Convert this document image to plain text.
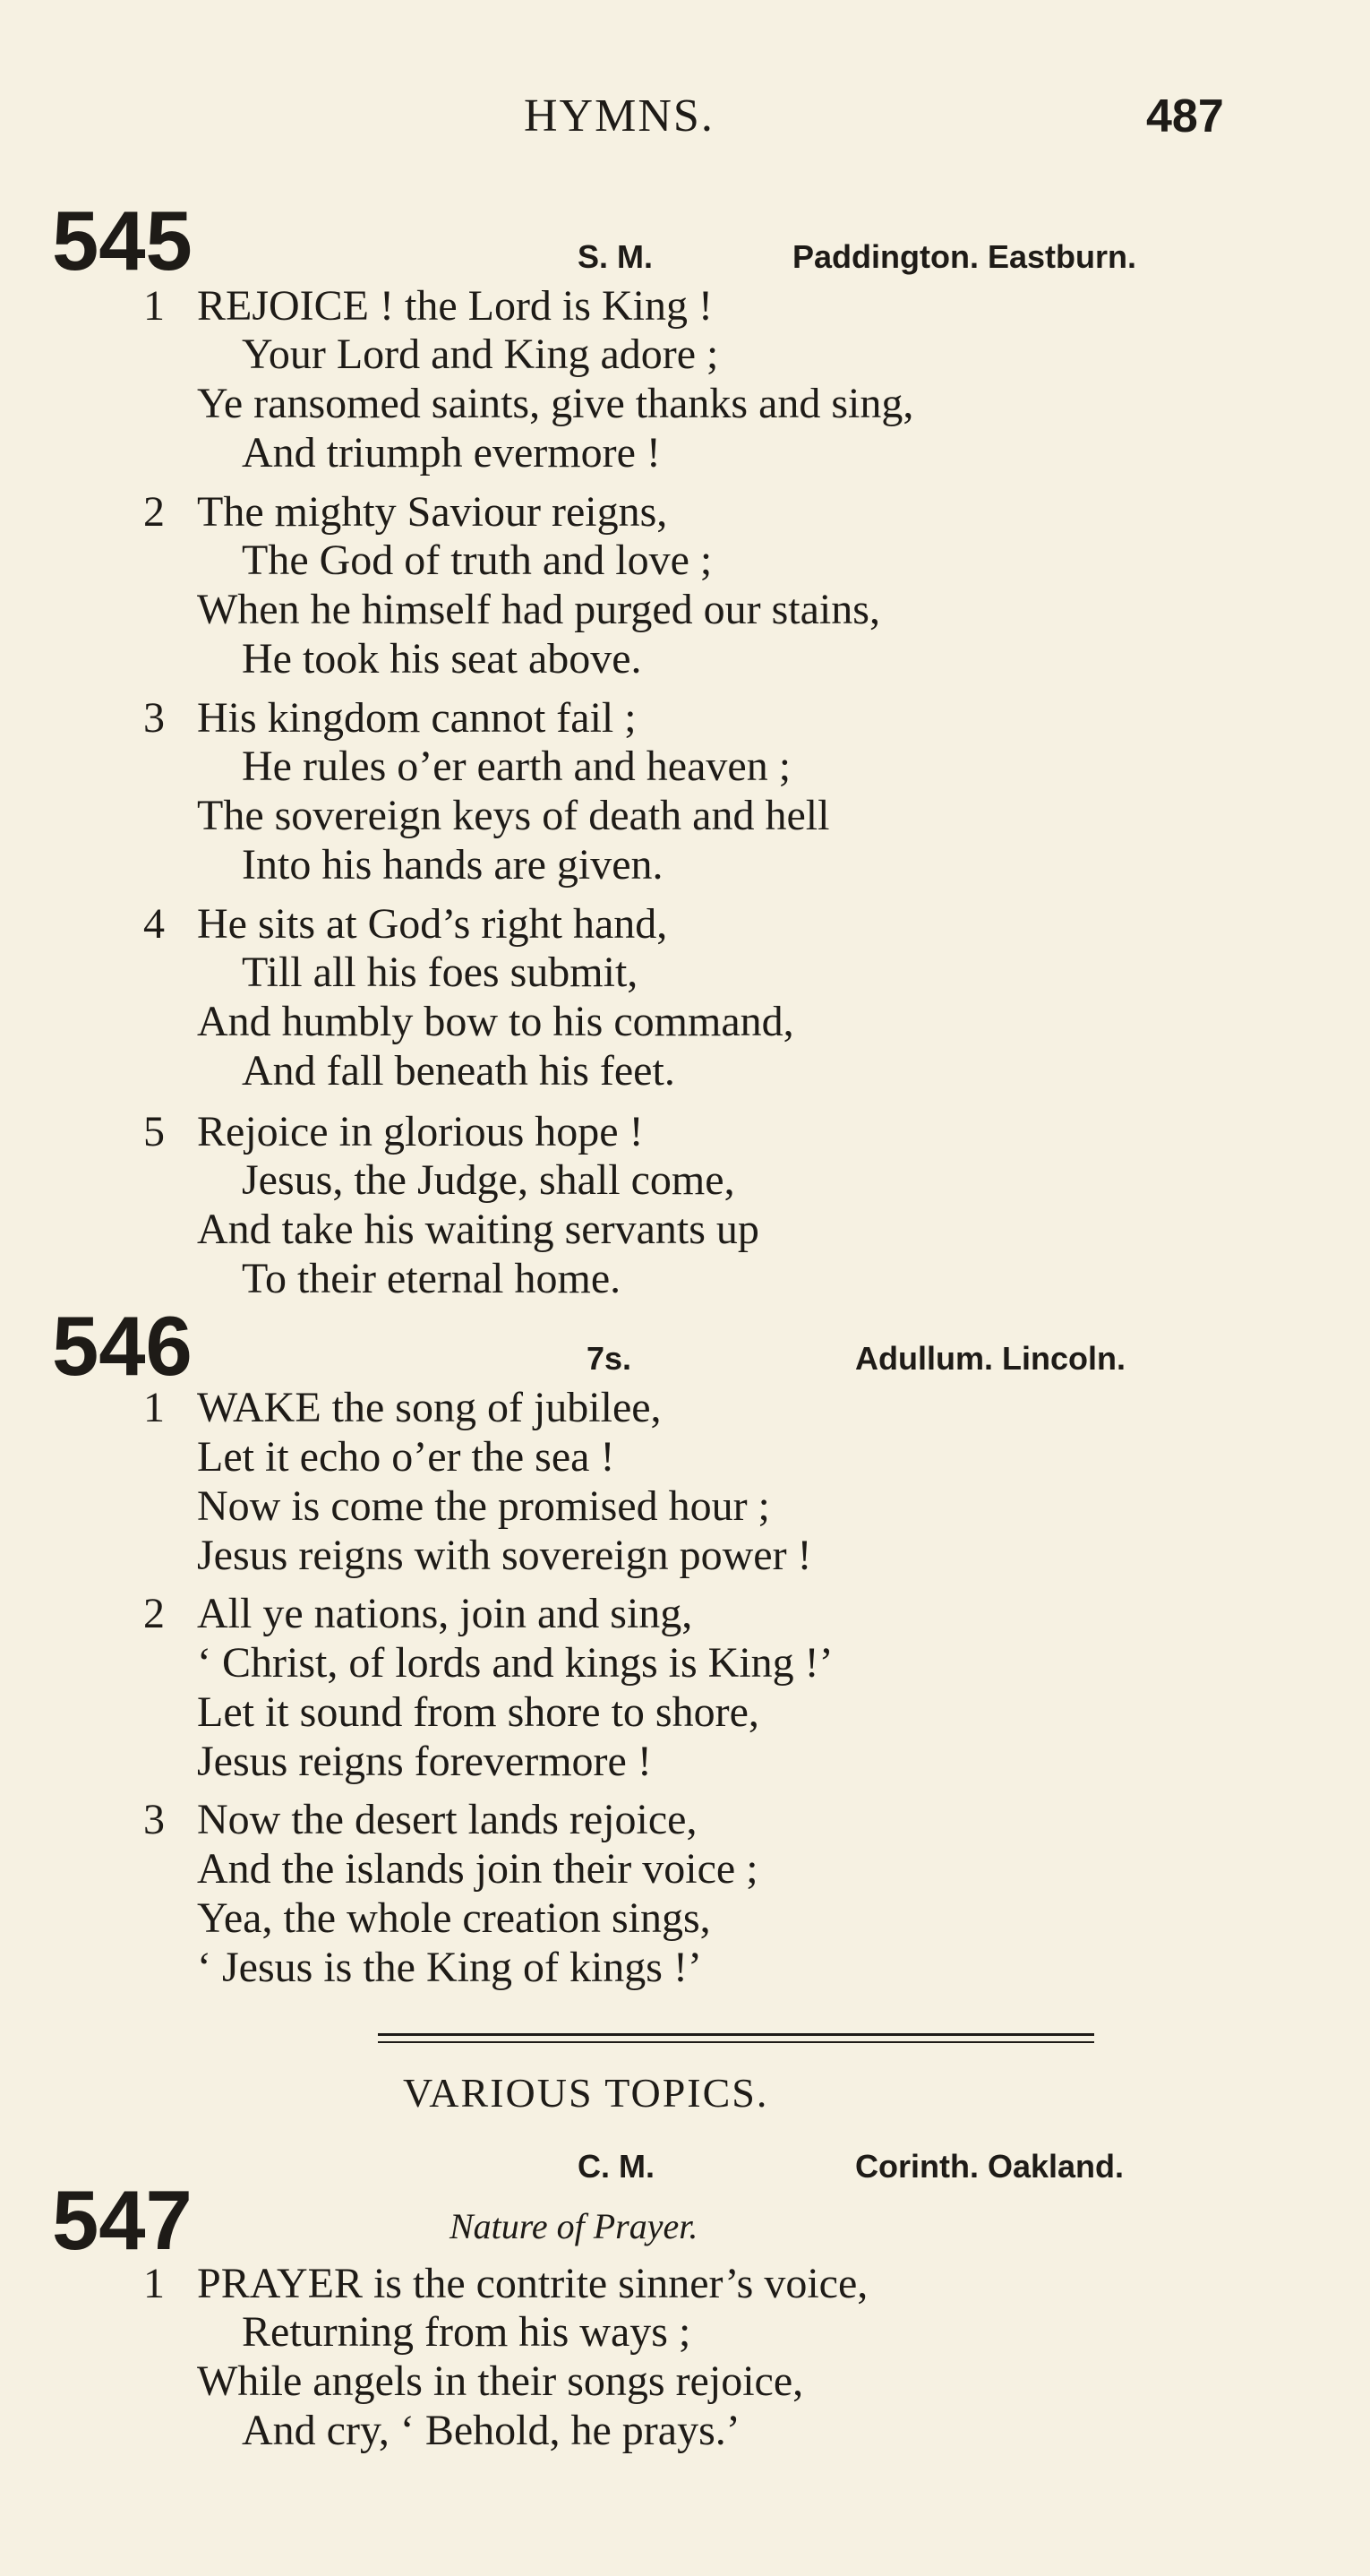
HYMNS.	487
545	S. M.	Paddington. Eastburn.
1 REJOICE ! the Lord is King !
Your Lord and King adore ;
Ye ransomed saints, give thanks and sing,
And triumph evermore !
2 The mighty Saviour reigns,
The God of truth and love ;
When he himself had purged our stains,
He took his seat above.
3 His kingdom cannot fail ;
He rules o’er earth and heaven ;
The sovereign keys of death and hell
Into his hands are given.
4 He sits at God’s right hand,
Till all his foes submit,
And humbly bow to his command,
And fall beneath his feet.
5 Rejoice in glorious hope !
Jesus, the Judge, shall come,
And take his waiting servants up
To their eternal home.
546	7s.	Adullum. Lincoln.
1 WAKE the song of jubilee,
Let it echo o’er the sea !
Now is come the promised hour ;
Jesus reigns with sovereign power !
2 All ye nations, join and sing,
‘ Christ, of lords and kings is King !’
Let it sound from shore to shore,
Jesus reigns forevermore !
3 Now the desert lands rejoice,
And the islands join their voice ;
Yea, the whole creation sings,
‘ Jesus is the King of kings !’
VARIOUS TOPICS.
C. M.	Corinth. Oakland.
547	Nature of Prayer.
1 PRAYER is the contrite sinner’s voice,
Returning from his ways ;
While angels in their songs rejoice,
And cry, ‘ Behold, he prays.’
